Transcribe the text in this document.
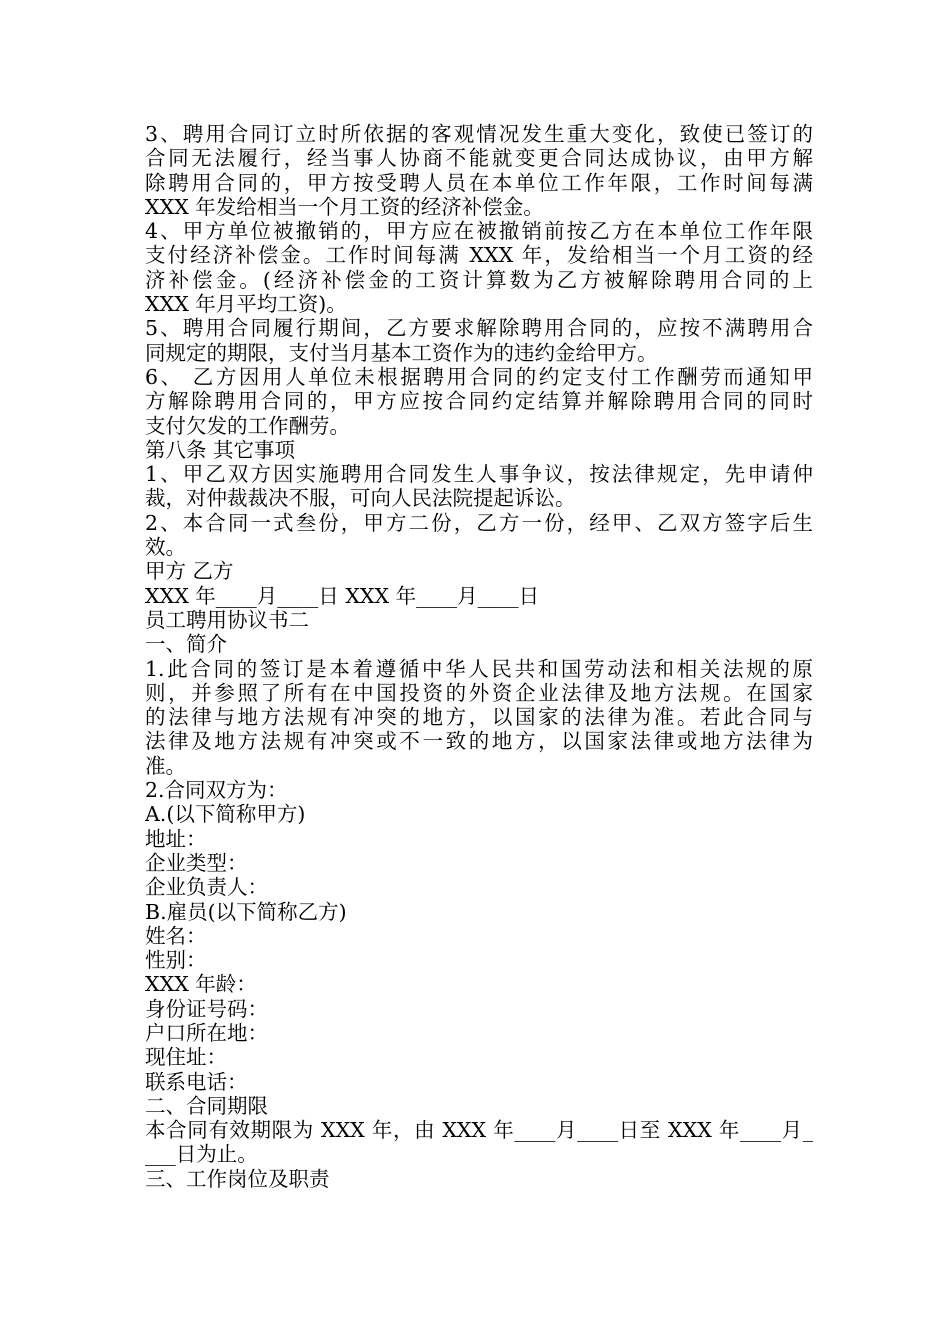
3、聘用合同订立时所依据的客观情况发生重大变化，致使已签订的
合同无法履行，经当事人协商不能就变更合同达成协议，由甲方解
除聘用合同的，甲方按受聘人员在本单位工作年限，工作时间每满
XXX 年发给相当一个月工资的经济补偿金。
4、甲方单位被撤销的，甲方应在被撤销前按乙方在本单位工作年限
支付经济补偿金。工作时间每满 XXX 年，发给相当一个月工资的经
济补偿金。(经济补偿金的工资计算数为乙方被解除聘用合同的上
XXX 年月平均工资)。
5、聘用合同履行期间，乙方要求解除聘用合同的，应按不满聘用合
同规定的期限，支付当月基本工资作为的违约金给甲方。
6、 乙方因用人单位未根据聘用合同的约定支付工作酬劳而通知甲
方解除聘用合同的，甲方应按合同约定结算并解除聘用合同的同时
支付欠发的工作酬劳。
第八条 其它事项
1、甲乙双方因实施聘用合同发生人事争议，按法律规定，先申请仲
裁，对仲裁裁决不服，可向人民法院提起诉讼。
2、本合同一式叁份，甲方二份，乙方一份，经甲、乙双方签字后生
效。
甲方 乙方
XXX 年____月____日 XXX 年____月____日
员工聘用协议书二
一、简介
1.此合同的签订是本着遵循中华人民共和国劳动法和相关法规的原
则，并参照了所有在中国投资的外资企业法律及地方法规。在国家
的法律与地方法规有冲突的地方，以国家的法律为准。若此合同与
法律及地方法规有冲突或不一致的地方，以国家法律或地方法律为
准。
2.合同双方为：
A.(以下简称甲方)
地址：
企业类型：
企业负责人：
B.雇员(以下简称乙方)
姓名：
性别：
XXX 年龄：
身份证号码：
户口所在地：
现住址：
联系电话：
二、合同期限
本合同有效期限为 XXX 年，由 XXX 年____月____日至 XXX 年____月_
___日为止。
三、工作岗位及职责
